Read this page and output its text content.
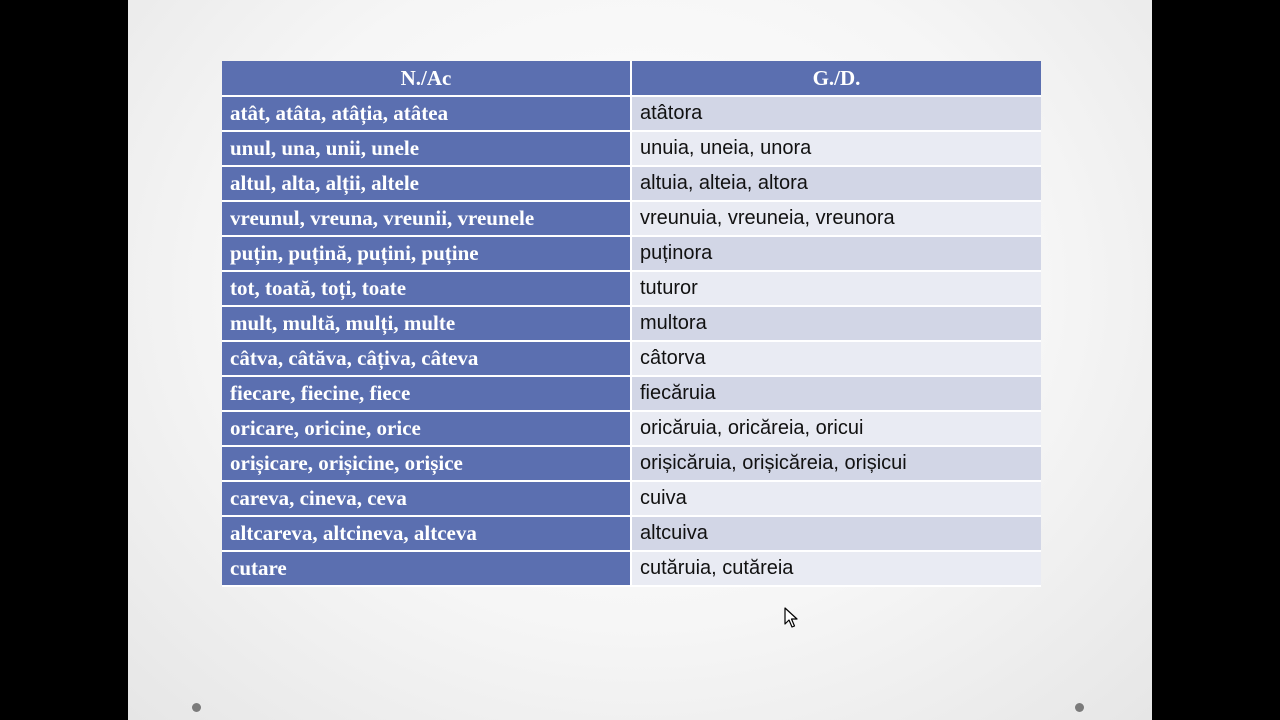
N./Ac	G./D.
atât, atâta, atâția, atâtea	atâtora
unul, una, unii, unele	unuia, uneia, unora
altul, alta, alții, altele	altuia, alteia, altora
vreunul, vreuna, vreunii, vreunele	vreunuia, vreuneia, vreunora
puțin, puțină, puțini, puține	puținora
tot, toată, toți, toate	tuturor
mult, multă, mulți, multe	multora
câtva, câtăva, câțiva, câteva	câtorva
fiecare, fiecine, fiece	fiecăruia
oricare, oricine, orice	oricăruia, oricăreia, oricui
orișicare, orișicine, orișice	orișicăruia, orișicăreia, orișicui
careva, cineva, ceva	cuiva
altcareva, altcineva, altceva	altcuiva
cutare	cutăruia, cutăreia
